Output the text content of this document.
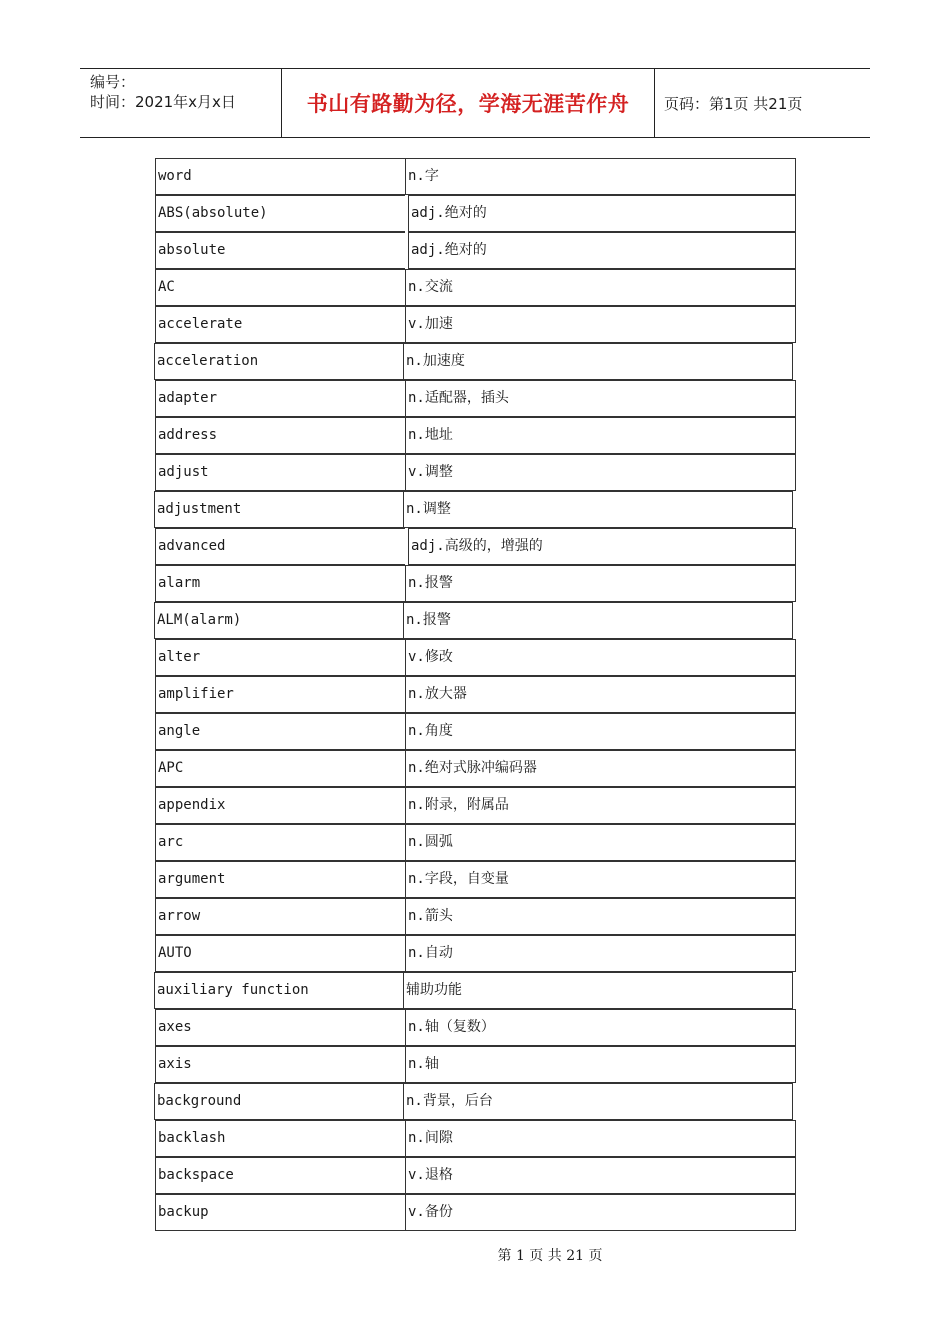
编号：
时间：2021年x月x日	书山有路勤为径，学海无涯苦作舟	页码：第1页 共21页
word	n.字
ABS(absolute)	adj.绝对的
absolute	adj.绝对的
AC	n.交流
accelerate	v.加速
acceleration	n.加速度
adapter	n.适配器，插头
address	n.地址
adjust	v.调整
adjustment	n.调整
advanced	adj.高级的，增强的
alarm	n.报警
ALM(alarm)	n.报警
alter	v.修改
amplifier	n.放大器
angle	n.角度
APC	n.绝对式脉冲编码器
appendix	n.附录，附属品
arc	n.圆弧
argument	n.字段，自变量
arrow	n.箭头
AUTO	n.自动
auxiliary function	辅助功能
axes	n.轴（复数）
axis	n.轴
background	n.背景，后台
backlash	n.间隙
backspace	v.退格
backup	v.备份
第 1 页 共 21 页
